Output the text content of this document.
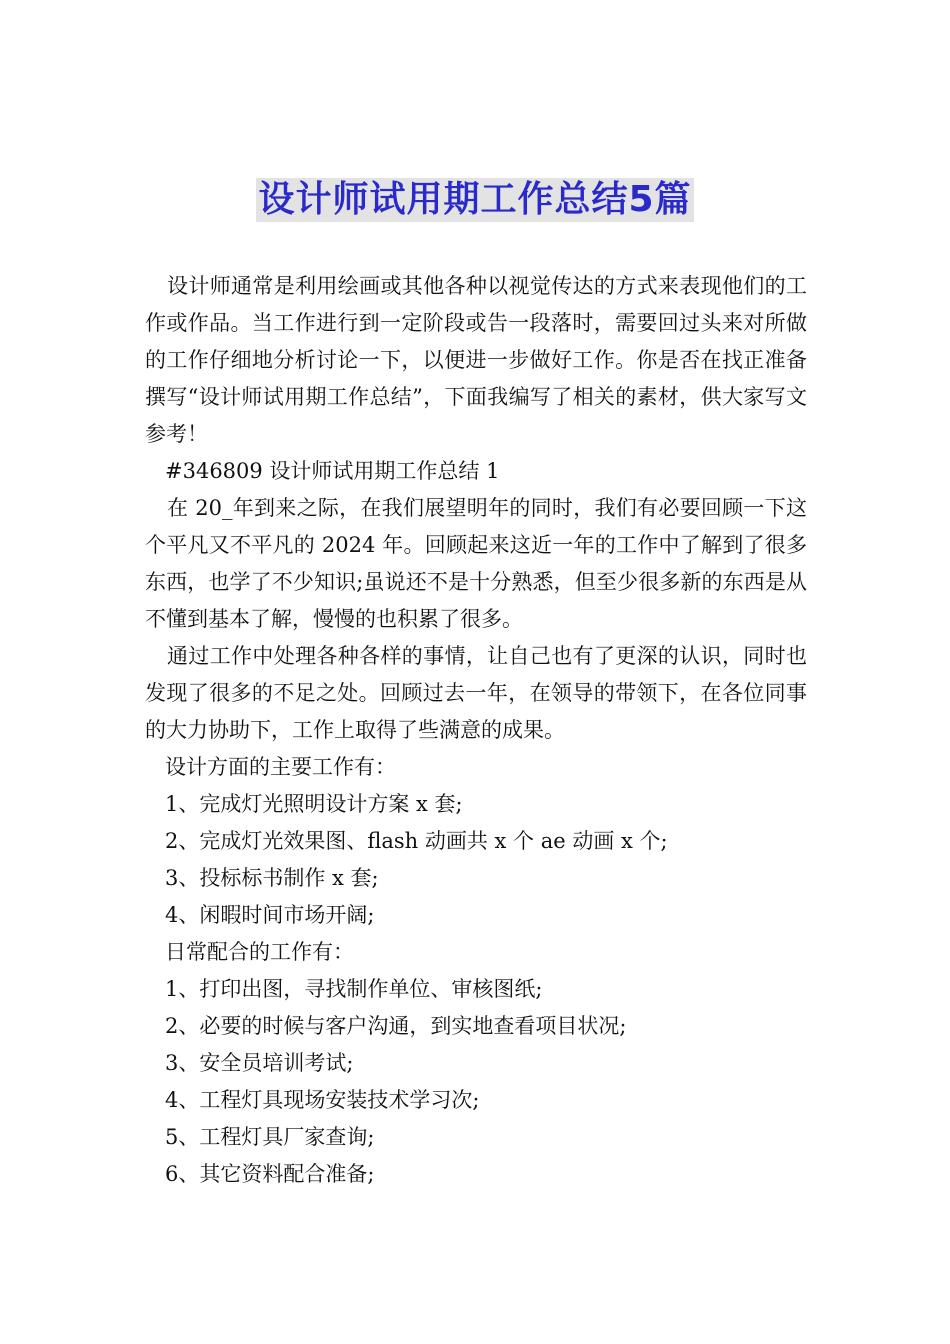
设计师试用期工作总结5篇

设计师通常是利用绘画或其他各种以视觉传达的方式来表现他们的工作或作品。当工作进行到一定阶段或告一段落时，需要回过头来对所做的工作仔细地分析讨论一下，以便进一步做好工作。你是否在找正准备撰写“设计师试用期工作总结”，下面我编写了相关的素材，供大家写文参考！

#346809 设计师试用期工作总结 1

在 20_年到来之际，在我们展望明年的同时，我们有必要回顾一下这个平凡又不平凡的 2024 年。回顾起来这近一年的工作中了解到了很多东西，也学了不少知识;虽说还不是十分熟悉，但至少很多新的东西是从不懂到基本了解，慢慢的也积累了很多。

通过工作中处理各种各样的事情，让自己也有了更深的认识，同时也发现了很多的不足之处。回顾过去一年，在领导的带领下，在各位同事的大力协助下，工作上取得了些满意的成果。

设计方面的主要工作有：

1、完成灯光照明设计方案 x 套;

2、完成灯光效果图、flash 动画共 x 个 ae 动画 x 个;

3、投标标书制作 x 套;

4、闲暇时间市场开阔;

日常配合的工作有：

1、打印出图，寻找制作单位、审核图纸;

2、必要的时候与客户沟通，到实地查看项目状况;

3、安全员培训考试;

4、工程灯具现场安装技术学习次;

5、工程灯具厂家查询;

6、其它资料配合准备;
